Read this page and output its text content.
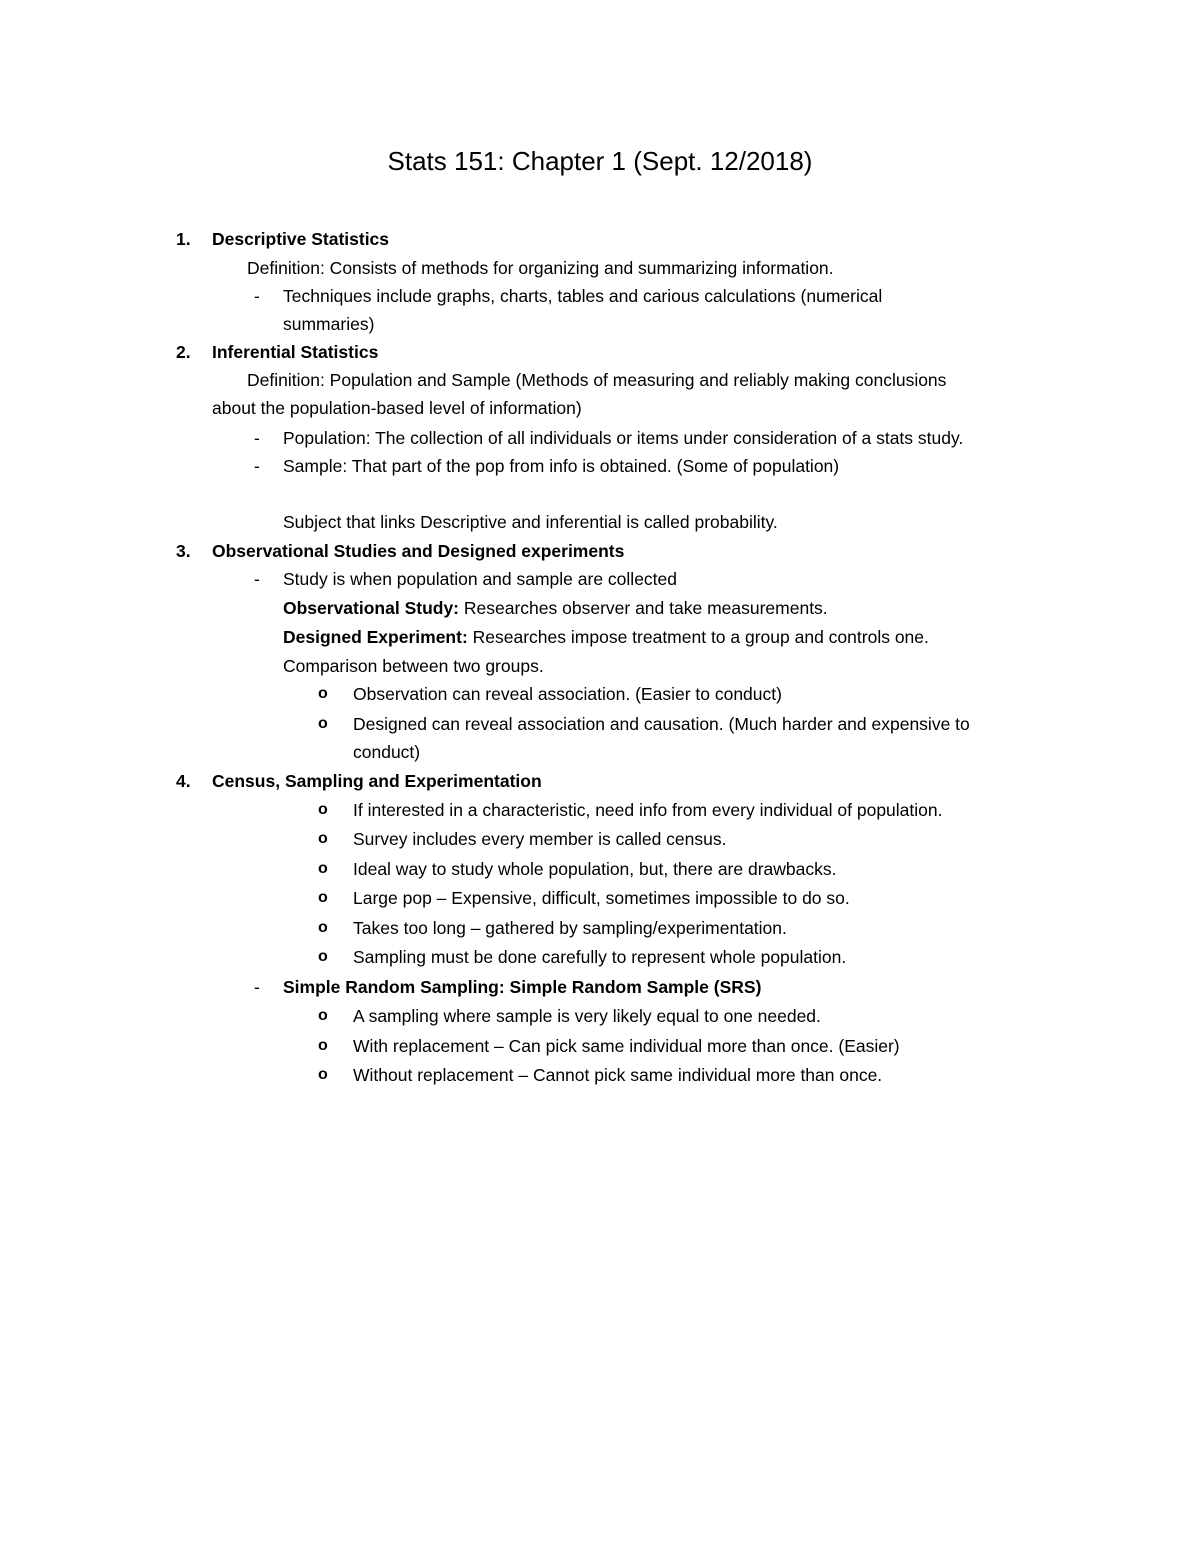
Stats 151: Chapter 1 (Sept. 12/2018)
1. Descriptive Statistics
Definition: Consists of methods for organizing and summarizing information.
- Techniques include graphs, charts, tables and carious calculations (numerical
summaries)
2. Inferential Statistics
Definition: Population and Sample (Methods of measuring and reliably making conclusions
about the population-based level of information)
- Population: The collection of all individuals or items under consideration of a stats study.
- Sample: That part of the pop from info is obtained. (Some of population)
Subject that links Descriptive and inferential is called probability.
3. Observational Studies and Designed experiments
- Study is when population and sample are collected
Observational Study: Researches observer and take measurements.
Designed Experiment: Researches impose treatment to a group and controls one.
Comparison between two groups.
o Observation can reveal association. (Easier to conduct)
o Designed can reveal association and causation. (Much harder and expensive to
conduct)
4. Census, Sampling and Experimentation
o If interested in a characteristic, need info from every individual of population.
o Survey includes every member is called census.
o Ideal way to study whole population, but, there are drawbacks.
o Large pop – Expensive, difficult, sometimes impossible to do so.
o Takes too long – gathered by sampling/experimentation.
o Sampling must be done carefully to represent whole population.
- Simple Random Sampling: Simple Random Sample (SRS)
o A sampling where sample is very likely equal to one needed.
o With replacement – Can pick same individual more than once. (Easier)
o Without replacement – Cannot pick same individual more than once.
